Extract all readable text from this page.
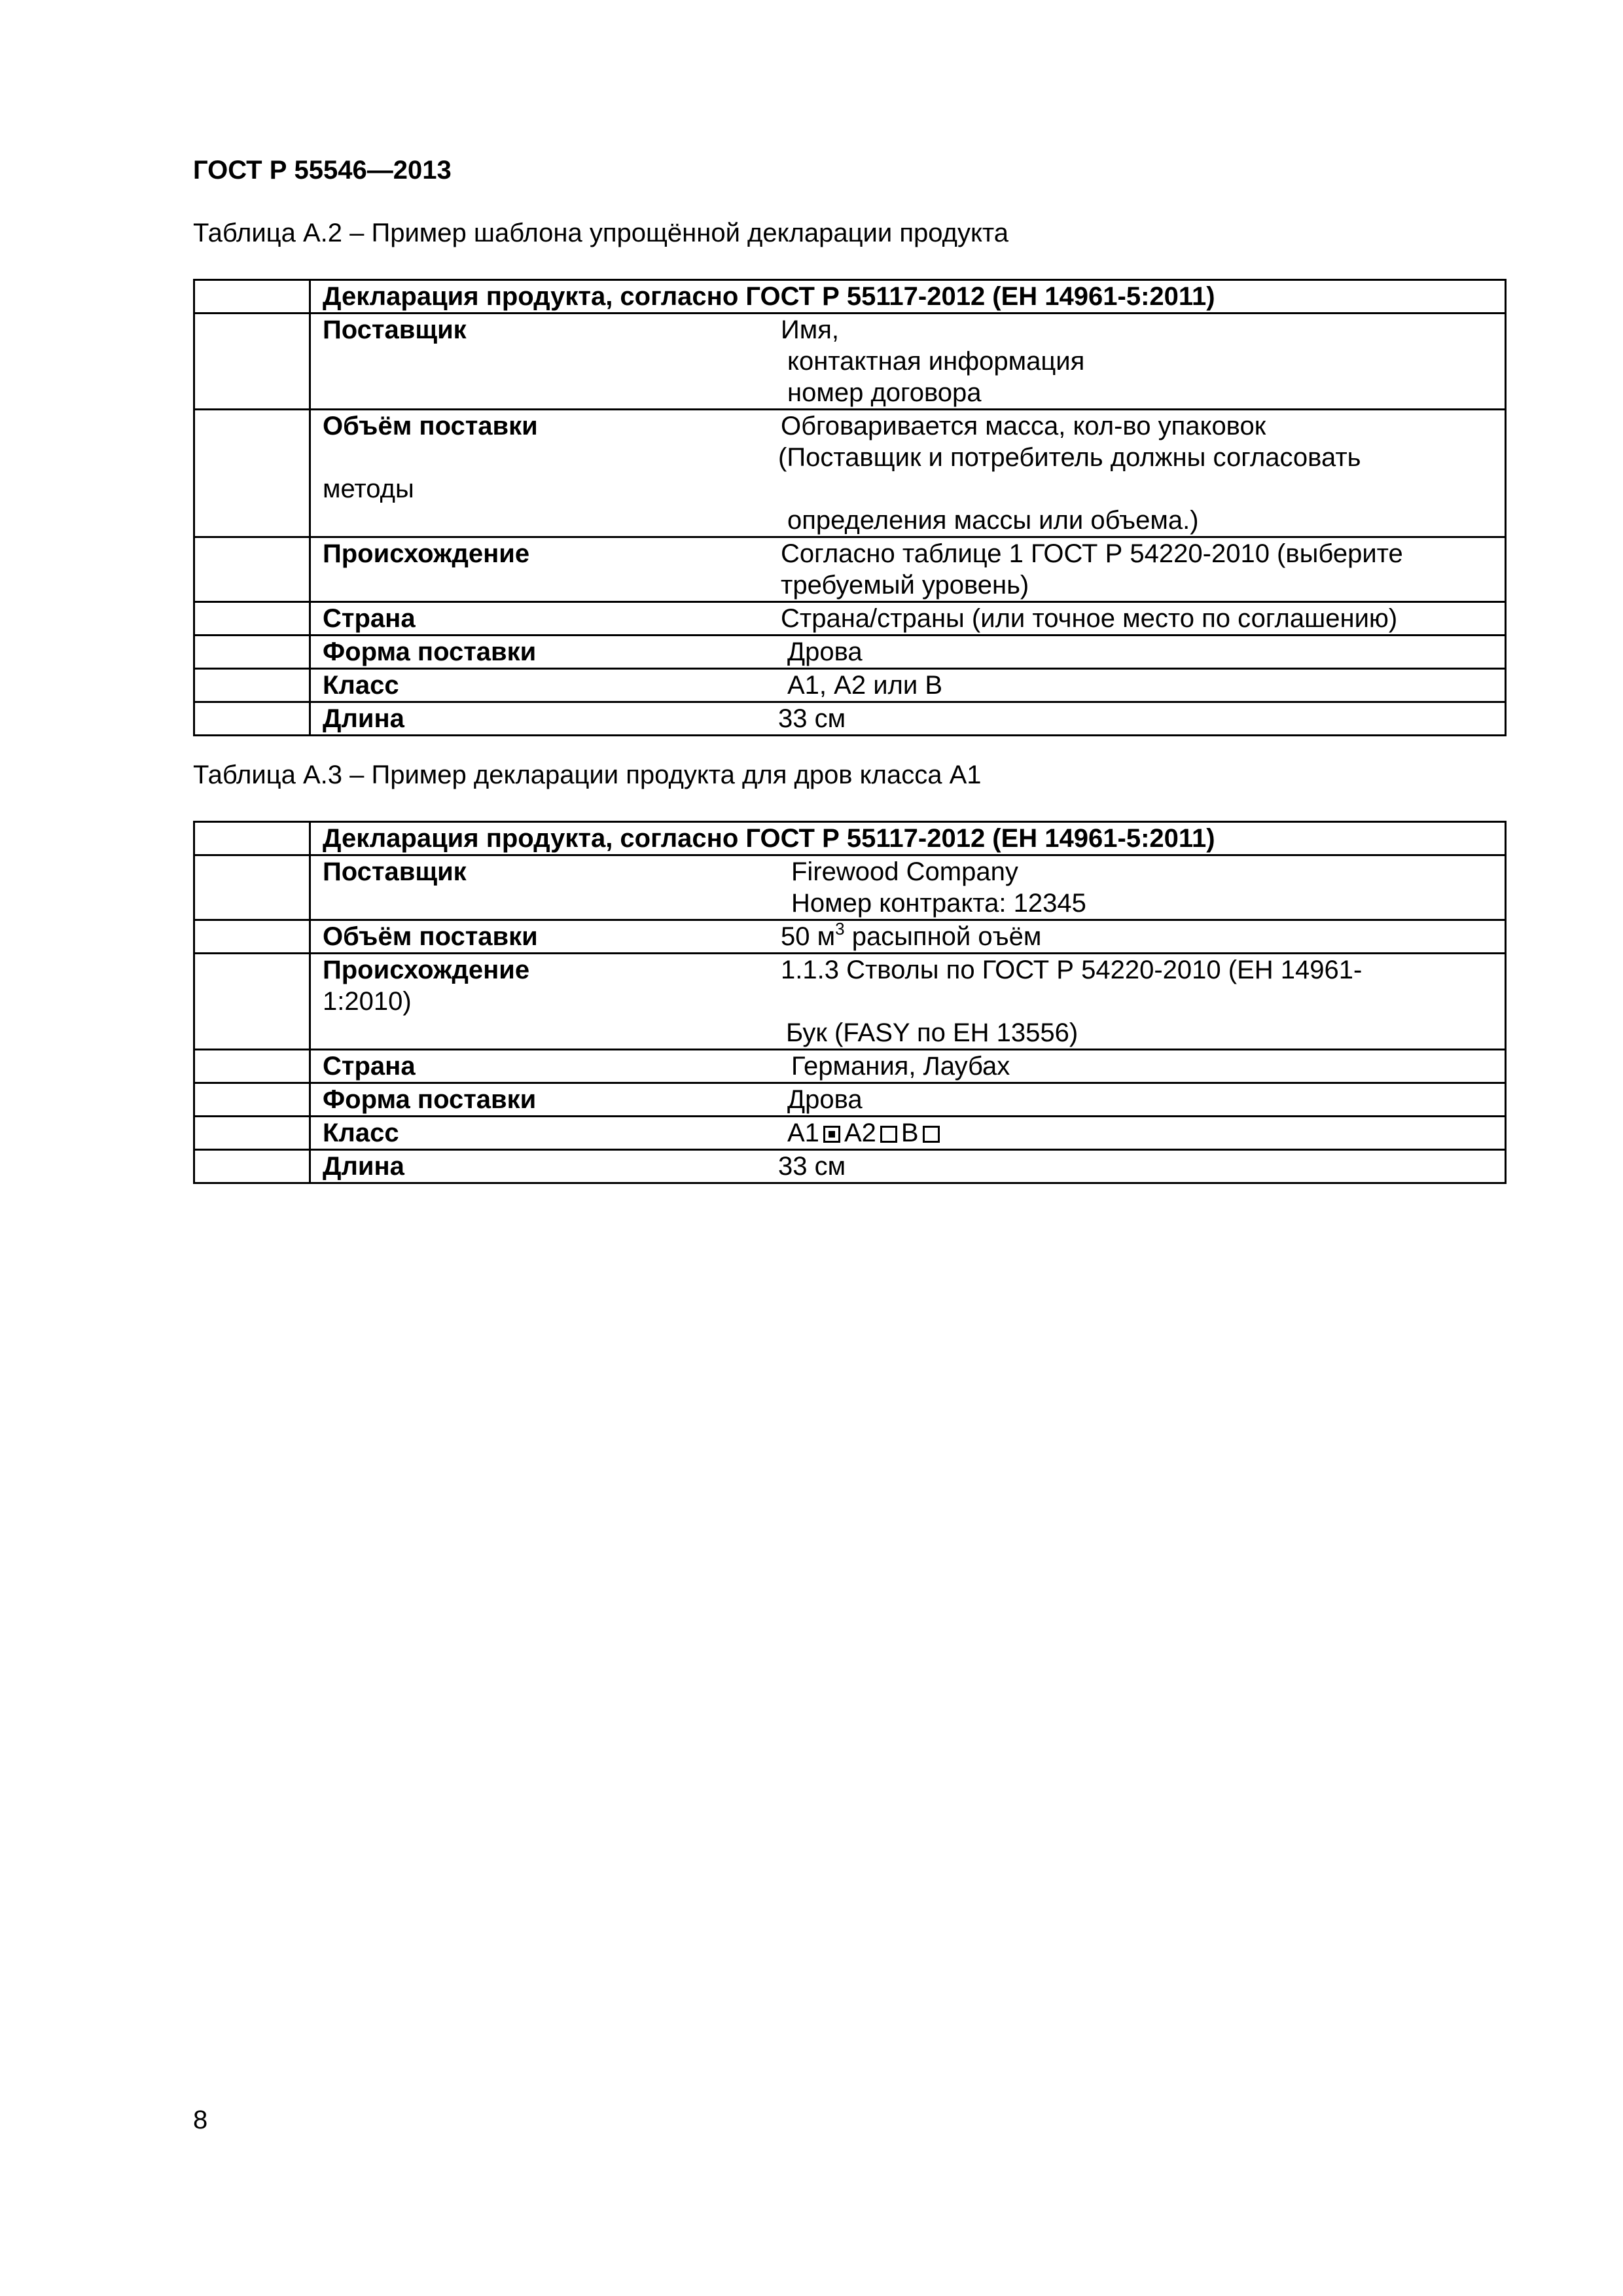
ГОСТ Р 55546—2013
Таблица А.2 – Пример шаблона упрощённой декларации продукта
	Декларация продукта, согласно ГОСТ Р 55117-2012 (ЕН 14961-5:2011)

	Поставщик Имя,
контактная информация
номер договора

	Объём поставки Обговаривается масса, кол-во упаковок
(Поставщик и потребитель должны согласовать
методы
определения массы или объема.)

	Происхождение Согласно таблице 1 ГОСТ Р 54220-2010 (выберите
требуемый уровень)

	Страна Страна/страны (или точное место по соглашению)

	Форма поставки Дрова

	Класс А1, А2 или В

	Длина 33 см
Таблица А.3 – Пример декларации продукта для дров класса А1
	Декларация продукта, согласно ГОСТ Р 55117-2012 (ЕН 14961-5:2011)

	Поставщик Firewood Company
Номер контракта: 12345

	Объём поставки 50 $м^3$ расыпной оъём

	Происхождение 1.1.3 Стволы по ГОСТ Р 54220-2010 (ЕН 14961-
1:2010)
Бук (FASY по ЕН 13556)

	Страна Германия, Лаубах

	Форма поставки Дрова

	Класс А1 А2 В

	Длина 33 см
8
